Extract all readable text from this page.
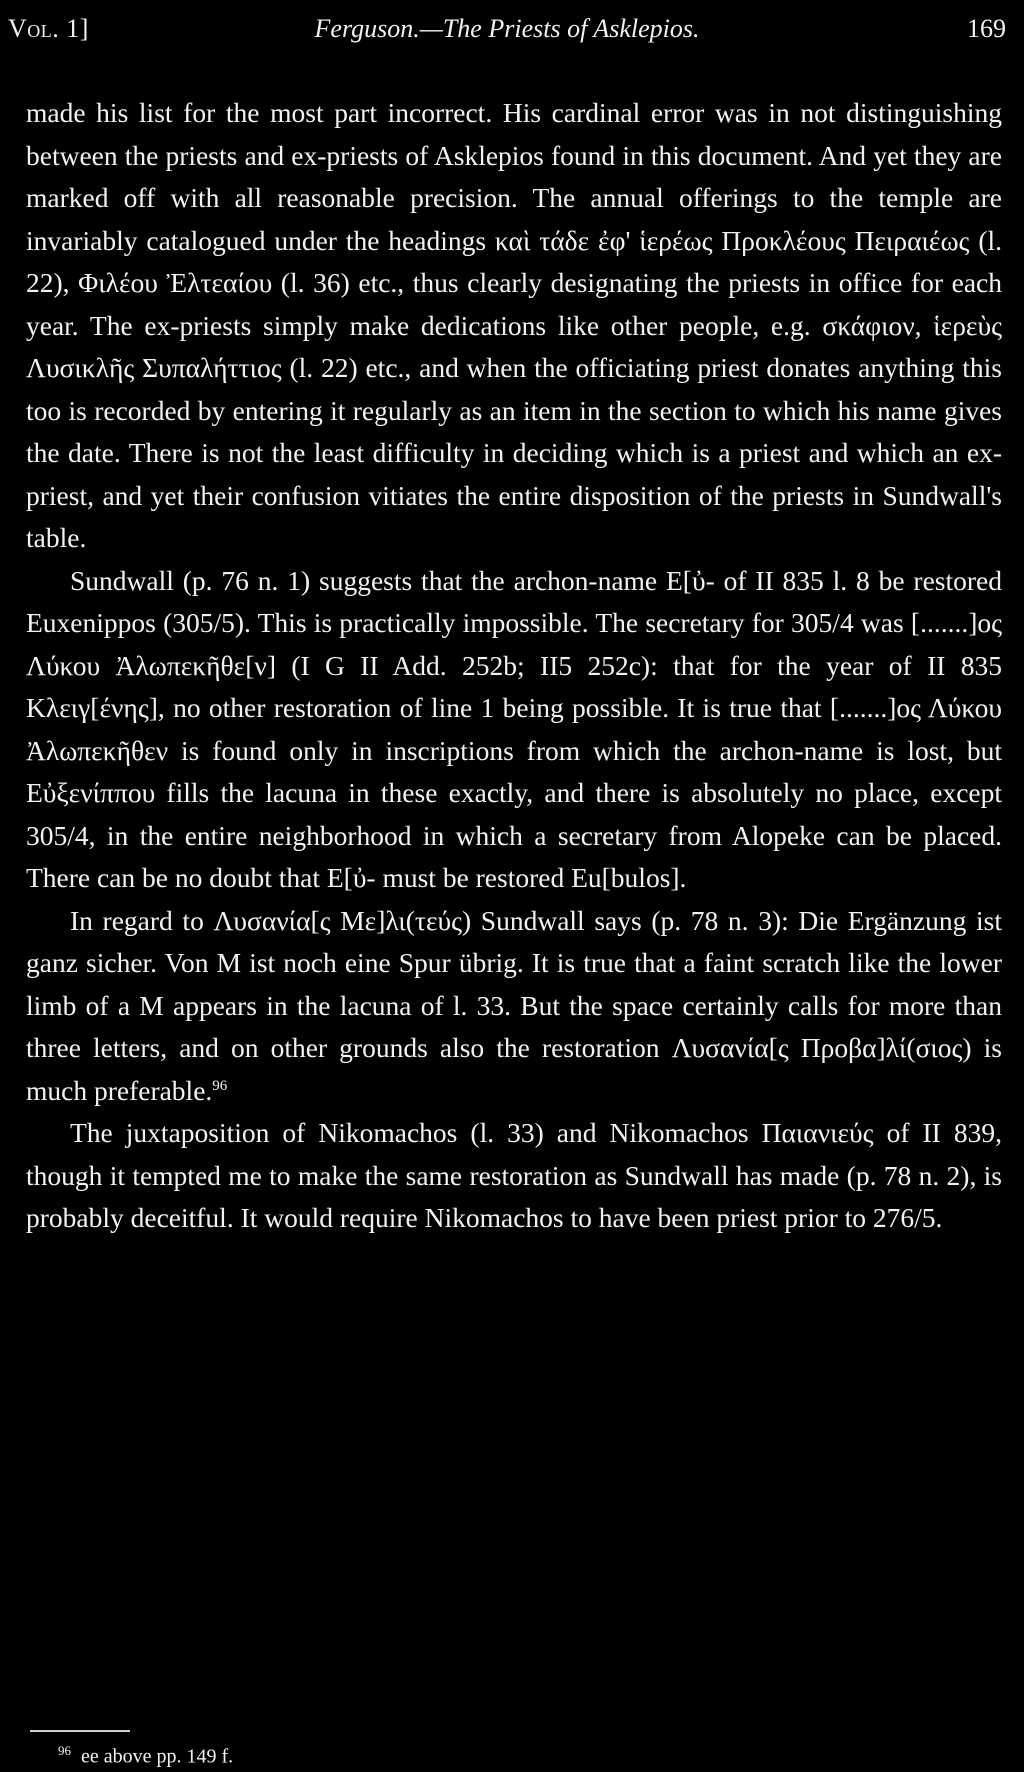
Vol. 1]	Ferguson.—The Priests of Asklepios.	169

made his list for the most part incorrect. His cardinal error was in not distinguishing between the priests and ex-priests of Asklepios found in this document. And yet they are marked off with all reasonable precision. The annual offerings to the temple are invariably catalogued under the headings καὶ τάδε ἐφ' ἱερέως Προκλέους Πειραιέως (l. 22), Φιλέου Ἐλτεαίου (l. 36) etc., thus clearly designating the priests in office for each year. The ex-priests simply make dedications like other people, e.g. σκάφιον, ἱερεὺς Λυσικλῆς Συπαλήττιος (l. 22) etc., and when the officiating priest donates anything this too is recorded by entering it regularly as an item in the section to which his name gives the date. There is not the least difficulty in deciding which is a priest and which an ex-priest, and yet their confusion vitiates the entire disposition of the priests in Sundwall's table.

Sundwall (p. 76 n. 1) suggests that the archon-name Ε[ὐ- of II 835 l. 8 be restored Euxenippos (305/5). This is practically impossible. The secretary for 305/4 was [.......]ος Λύκου Ἀλωπεκῆθε[ν] (I G II Add. 252b; II5 252c): that for the year of II 835 Κλειγ[ένης], no other restoration of line 1 being possible. It is true that [.......]ος Λύκου Ἀλωπεκῆθεν is found only in inscriptions from which the archon-name is lost, but Εὐξενίππου fills the lacuna in these exactly, and there is absolutely no place, except 305/4, in the entire neighborhood in which a secretary from Alopeke can be placed. There can be no doubt that Ε[ὐ- must be restored Eu[bulos].

In regard to Λυσανία[ς Με]λι(τεύς) Sundwall says (p. 78 n. 3): Die Ergänzung ist ganz sicher. Von M ist noch eine Spur übrig. It is true that a faint scratch like the lower limb of a M appears in the lacuna of l. 33. But the space certainly calls for more than three letters, and on other grounds also the restoration Λυσανία[ς Προβα]λί(σιος) is much preferable.$^{96}$

The juxtaposition of Nikomachos (l. 33) and Nikomachos Παιανιεύς of II 839, though it tempted me to make the same restoration as Sundwall has made (p. 78 n. 2), is probably deceitful. It would require Nikomachos to have been priest prior to 276/5.

$^{96}$ ee above pp. 149 f.
